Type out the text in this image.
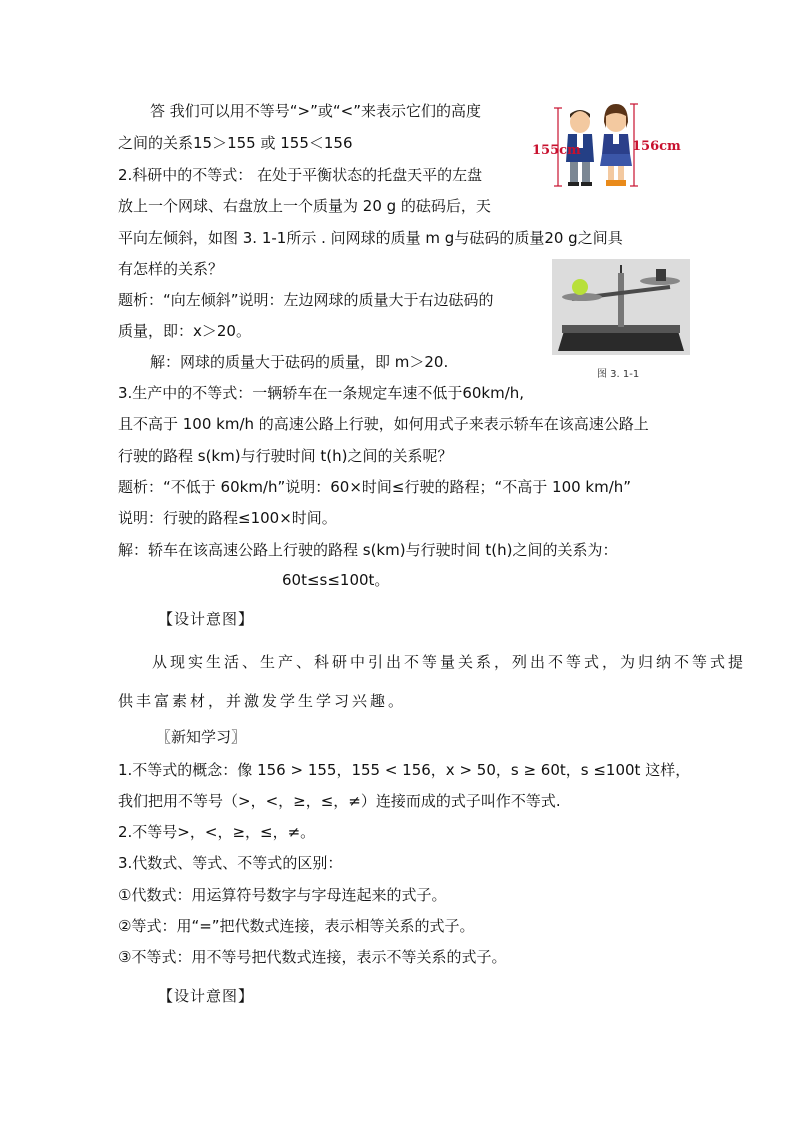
答 我们可以用不等号“>”或“<”来表示它们的高度
之间的关系15＞155 或 155＜156
2.科研中的不等式： 在处于平衡状态的托盘天平的左盘
放上一个网球、右盘放上一个质量为 20 g 的砝码后，天
平向左倾斜，如图 3. 1-1所示 . 问网球的质量 m g与砝码的质量20 g之间具
有怎样的关系？
题析：“向左倾斜”说明：左边网球的质量大于右边砝码的
质量，即：x＞20。
解：网球的质量大于砝码的质量，即 m＞20.
3.生产中的不等式：一辆轿车在一条规定车速不低于60km/h,
且不高于 100 km/h 的高速公路上行驶，如何用式子来表示轿车在该高速公路上
行驶的路程 s(km)与行驶时间 t(h)之间的关系呢？
题析：“不低于 60km/h”说明：60×时间≤行驶的路程；“不高于 100 km/h”
说明：行驶的路程≤100×时间。
解：轿车在该高速公路上行驶的路程 s(km)与行驶时间 t(h)之间的关系为：
60t≤s≤100t。
【设计意图】
从现实生活、生产、科研中引出不等量关系，列出不等式，为归纳不等式提
供丰富素材，并激发学生学习兴趣。
〖新知学习〗
1.不等式的概念：像 156 > 155，155 < 156，x > 50，s ≥ 60t，s ≤100t 这样，
我们把用不等号（>，<，≥，≤，≠）连接而成的式子叫作不等式.
2.不等号>，<，≥，≤，≠。
3.代数式、等式、不等式的区别：
①代数式：用运算符号数字与字母连起来的式子。
②等式：用“=”把代数式连接，表示相等关系的式子。
③不等式：用不等号把代数式连接，表示不等关系的式子。
【设计意图】
155cm	156cm
图 3. 1-1
